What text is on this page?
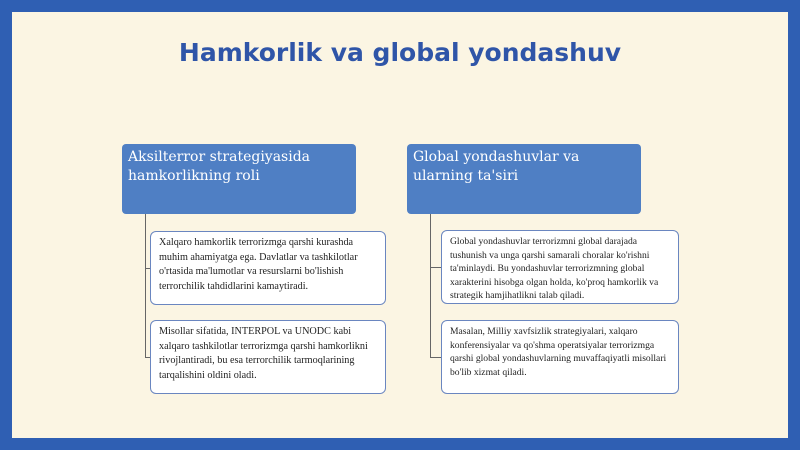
Hamkorlik va global yondashuv
Aksilterror strategiyasida hamkorlikning roli
Xalqaro hamkorlik terrorizmga qarshi kurashda muhim ahamiyatga ega. Davlatlar va tashkilotlar o'rtasida ma'lumotlar va resurslarni bo'lishish terrorchilik tahdidlarini kamaytiradi.
Misollar sifatida, INTERPOL va UNODC kabi xalqaro tashkilotlar terrorizmga qarshi hamkorlikni rivojlantiradi, bu esa terrorchilik tarmoqlarining tarqalishini oldini oladi.
Global yondashuvlar va ularning ta'siri
Global yondashuvlar terrorizmni global darajada tushunish va unga qarshi samarali choralar ko'rishni ta'minlaydi. Bu yondashuvlar terrorizmning global xarakterini hisobga olgan holda, ko'proq hamkorlik va strategik hamjihatlikni talab qiladi.
Masalan, Milliy xavfsizlik strategiyalari, xalqaro konferensiyalar va qo'shma operatsiyalar terrorizmga qarshi global yondashuvlarning muvaffaqiyatli misollari bo'lib xizmat qiladi.
